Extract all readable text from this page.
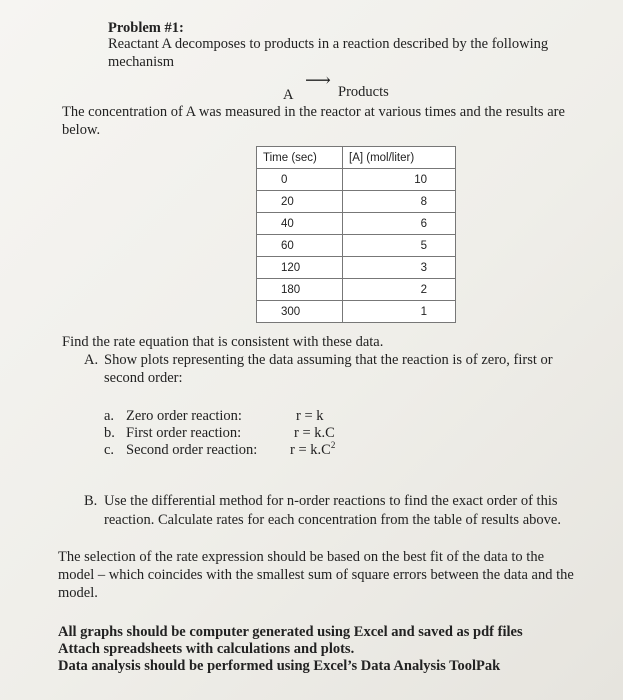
Problem #1:
Reactant A decomposes to products in a reaction described by the following
mechanism
A
⟶
Products
The concentration of A was measured in the reactor at various times and the results are
below.
Time (sec)	[A] (mol/liter)
0	10
20	8
40	6
60	5
120	3
180	2
300	1
Find the rate equation that is consistent with these data.
A. Show plots representing the data assuming that the reaction is of zero, first or
second order:
a. Zero order reaction:	r = k
b. First order reaction:	r = k.C
c. Second order reaction: $r = k.C^2$
B. Use the differential method for n-order reactions to find the exact order of this
reaction. Calculate rates for each concentration from the table of results above.
The selection of the rate expression should be based on the best fit of the data to the
model – which coincides with the smallest sum of square errors between the data and the
model.
All graphs should be computer generated using Excel and saved as pdf files
Attach spreadsheets with calculations and plots.
Data analysis should be performed using Excel’s Data Analysis ToolPak
